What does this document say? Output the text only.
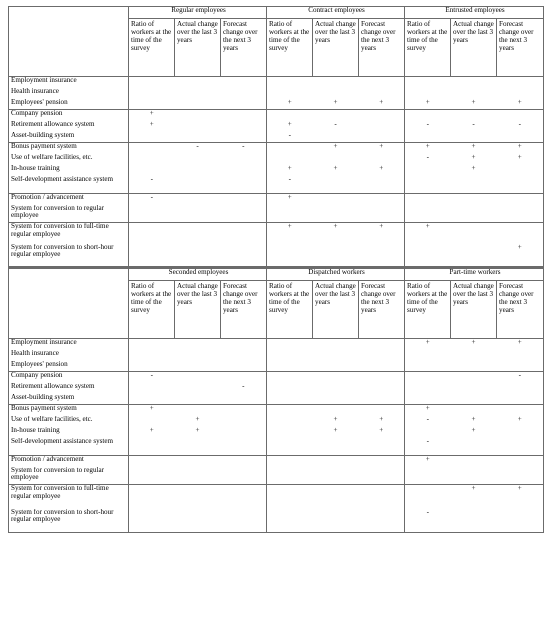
	Regular employees			Contract employees			Entrusted employees		
	Ratio of workers at the time of the survey	Actual change over the last 3 years	Forecast change over the next 3 years	Ratio of workers at the time of the survey	Actual change over the last 3 years	Forecast change over the next 3 years	Ratio of workers at the time of the survey	Actual change over the last 3 years	Forecast change over the next 3 years
Employment insurance									
Health insurance									
Employees' pension				+	+	+	+	+	+
Company pension	+								
Retirement allowance system	+			+	-		-	-	-
Asset-building system				-					
Bonus payment system		-	-		+	+	+	+	+
Use of welfare facilities, etc.							-	+	+
In-house training				+	+	+		+	
Self-development assistance system	-			-					
Promotion / advancement	-			+					
System for conversion to regular employee									
System for conversion to full-time regular employee				+	+	+	+		
System for conversion to short-hour regular employee									+
	Seconded employees			Dispatched workers			Part-time workers		
	Ratio of workers at the time of the survey	Actual change over the last 3 years	Forecast change over the next 3 years	Ratio of workers at the time of the survey	Actual change over the last 3 years	Forecast change over the next 3 years	Ratio of workers at the time of the survey	Actual change over the last 3 years	Forecast change over the next 3 years
Employment insurance							+	+	+
Health insurance									
Employees' pension									
Company pension	-								-
Retirement allowance system			-						
Asset-building system									
Bonus payment system	+						+		
Use of welfare facilities, etc.		+			+	+	-	+	+
In-house training	+	+			+	+		+	
Self-development assistance system							-		
Promotion / advancement							+		
System for conversion to regular employee									
System for conversion to full-time regular employee								+	+
System for conversion to short-hour regular employee							-		
